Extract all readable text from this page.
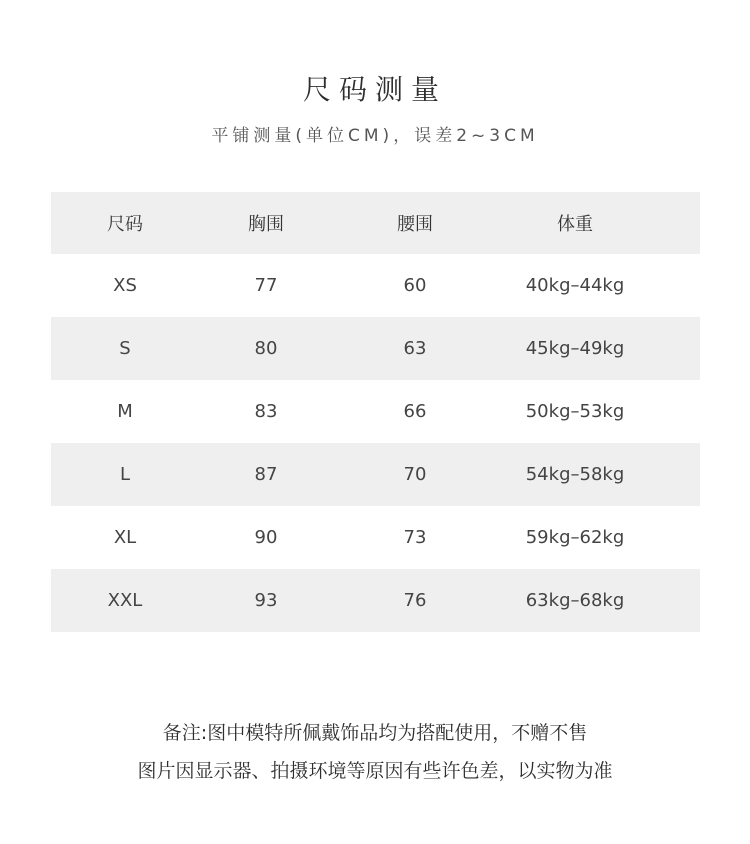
尺码测量
平铺测量(单位CM)，误差2~3CM
尺码	胸围	腰围	体重
XS	77	60	40kg–44kg
S	80	63	45kg–49kg
M	83	66	50kg–53kg
L	87	70	54kg–58kg
XL	90	73	59kg–62kg
XXL	93	76	63kg–68kg
备注:图中模特所佩戴饰品均为搭配使用，不赠不售
图片因显示器、拍摄环境等原因有些许色差，以实物为准
